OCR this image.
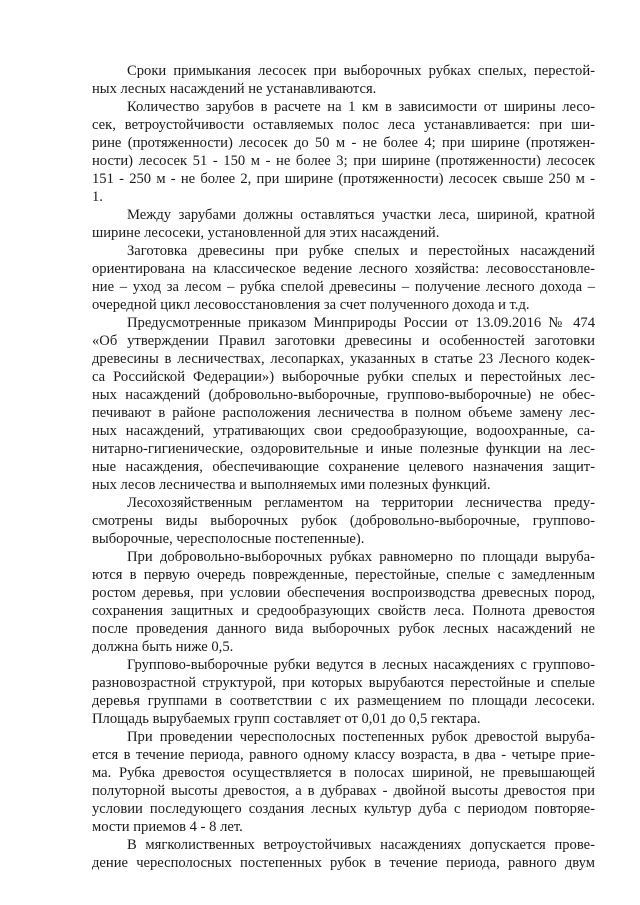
Сроки примыкания лесосек при выборочных рубках спелых, перестой-
ных лесных насаждений не устанавливаются.
Количество зарубов в расчете на 1 км в зависимости от ширины лесо-
сек, ветроустойчивости оставляемых полос леса устанавливается: при ши-
рине (протяженности) лесосек до 50 м - не более 4; при ширине (протяжен-
ности) лесосек 51 - 150 м - не более 3; при ширине (протяженности) лесосек
151 - 250 м - не более 2, при ширине (протяженности) лесосек свыше 250 м -
1.
Между зарубами должны оставляться участки леса, шириной, кратной
ширине лесосеки, установленной для этих насаждений.
Заготовка древесины при рубке спелых и перестойных насаждений
ориентирована на классическое ведение лесного хозяйства: лесовосстановле-
ние – уход за лесом – рубка спелой древесины – получение лесного дохода –
очередной цикл лесовосстановления за счет полученного дохода и т.д.
Предусмотренные приказом Минприроды России от 13.09.2016 № 474
«Об утверждении Правил заготовки древесины и особенностей заготовки
древесины в лесничествах, лесопарках, указанных в статье 23 Лесного кодек-
са Российской Федерации») выборочные рубки спелых и перестойных лес-
ных насаждений (добровольно-выборочные, группово-выборочные) не обес-
печивают в районе расположения лесничества в полном объеме замену лес-
ных насаждений, утративающих свои средообразующие, водоохранные, са-
нитарно-гигиенические, оздоровительные и иные полезные функции на лес-
ные насаждения, обеспечивающие сохранение целевого назначения защит-
ных лесов лесничества и выполняемых ими полезных функций.
Лесохозяйственным регламентом на территории лесничества преду-
смотрены виды выборочных рубок (добровольно-выборочные, группово-
выборочные, чересполосные постепенные).
При добровольно-выборочных рубках равномерно по площади выруба-
ются в первую очередь поврежденные, перестойные, спелые с замедленным
ростом деревья, при условии обеспечения воспроизводства древесных пород,
сохранения защитных и средообразующих свойств леса. Полнота древостоя
после проведения данного вида выборочных рубок лесных насаждений не
должна быть ниже 0,5.
Группово-выборочные рубки ведутся в лесных насаждениях с группово-
разновозрастной структурой, при которых вырубаются перестойные и спелые
деревья группами в соответствии с их размещением по площади лесосеки.
Площадь вырубаемых групп составляет от 0,01 до 0,5 гектара.
При проведении чересполосных постепенных рубок древостой выруба-
ется в течение периода, равного одному классу возраста, в два - четыре прие-
ма. Рубка древостоя осуществляется в полосах шириной, не превышающей
полуторной высоты древостоя, а в дубравах - двойной высоты древостоя при
условии последующего создания лесных культур дуба с периодом повторяе-
мости приемов 4 - 8 лет.
В мягколиственных ветроустойчивых насаждениях допускается прове-
дение чересполосных постепенных рубок в течение периода, равного двум
